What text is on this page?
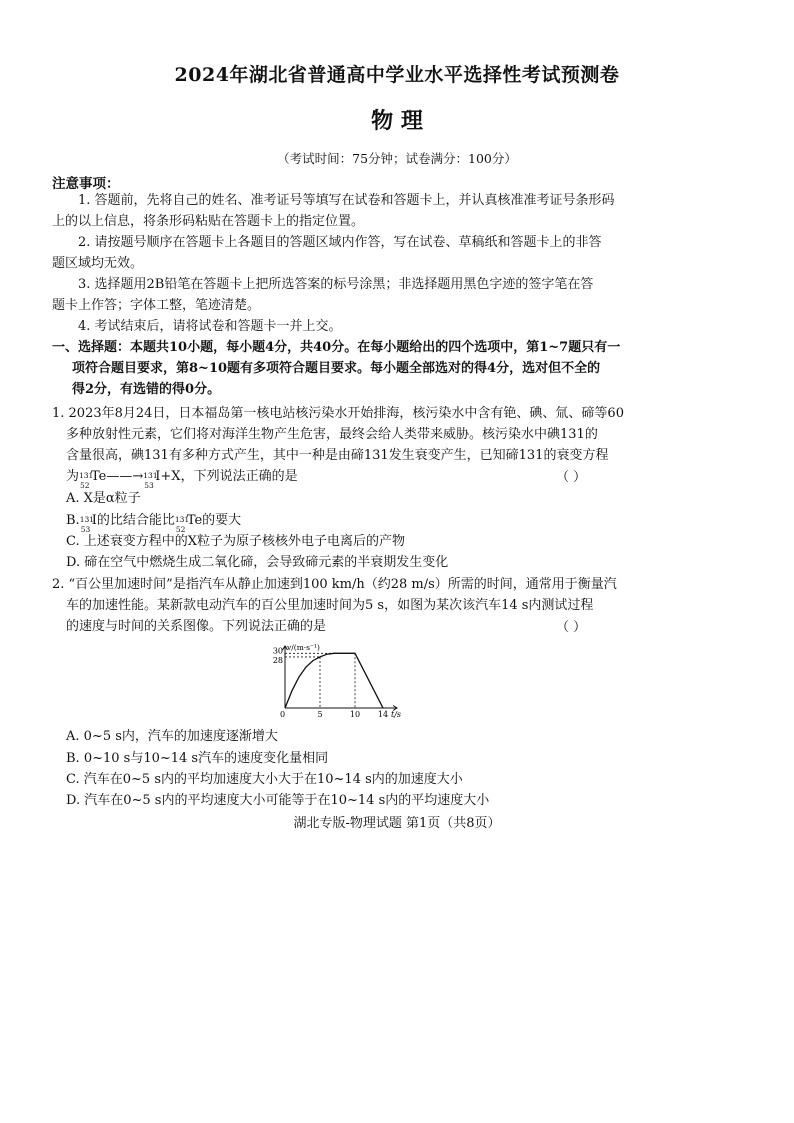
2024年湖北省普通高中学业水平选择性考试预测卷
物 理
（考试时间：75分钟；试卷满分：100分）
注意事项：
1. 答题前，先将自己的姓名、准考证号等填写在试卷和答题卡上，并认真核准准考证号条形码
上的以上信息，将条形码粘贴在答题卡上的指定位置。
2. 请按题号顺序在答题卡上各题目的答题区域内作答，写在试卷、草稿纸和答题卡上的非答
题区域均无效。
3. 选择题用2B铅笔在答题卡上把所选答案的标号涂黑；非选择题用黑色字迹的签字笔在答
题卡上作答；字体工整，笔迹清楚。
4. 考试结束后，请将试卷和答题卡一并上交。
一、选择题：本题共10小题，每小题4分，共40分。在每小题给出的四个选项中，第1~7题只有一
项符合题目要求，第8~10题有多项符合题目要求。每小题全部选对的得4分，选对但不全的
得2分，有选错的得0分。
1. 2023年8月24日，日本福岛第一核电站核污染水开始排海，核污染水中含有铯、碘、氚、碲等60
多种放射性元素，它们将对海洋生物产生危害，最终会给人类带来威胁。核污染水中碘131的
含量很高，碘131有多种方式产生，其中一种是由碲131发生衰变产生，已知碲131的衰变方程
为 131
52
Te——→ 131
53
I+X，下列说法正确的是	（ ）
A. X是α粒子
B. 131
53
I的比结合能比 131
52
Te的要大
C. 上述衰变方程中的X粒子为原子核核外电子电离后的产物
D. 碲在空气中燃烧生成二氧化碲，会导致碲元素的半衰期发生变化
2. “百公里加速时间”是指汽车从静止加速到100 km/h（约28 m/s）所需的时间，通常用于衡量汽
车的加速性能。某新款电动汽车的百公里加速时间为5 s，如图为某次该汽车14 s内测试过程
的速度与时间的关系图像。下列说法正确的是	（ ）
v/(m·s⁻¹)
t/s
0	5	10 14
30
28
A. 0~5 s内，汽车的加速度逐渐增大
B. 0~10 s与10~14 s汽车的速度变化量相同
C. 汽车在0~5 s内的平均加速度大小大于在10~14 s内的加速度大小
D. 汽车在0~5 s内的平均速度大小可能等于在10~14 s内的平均速度大小
湖北专版-物理试题 第1页（共8页）
